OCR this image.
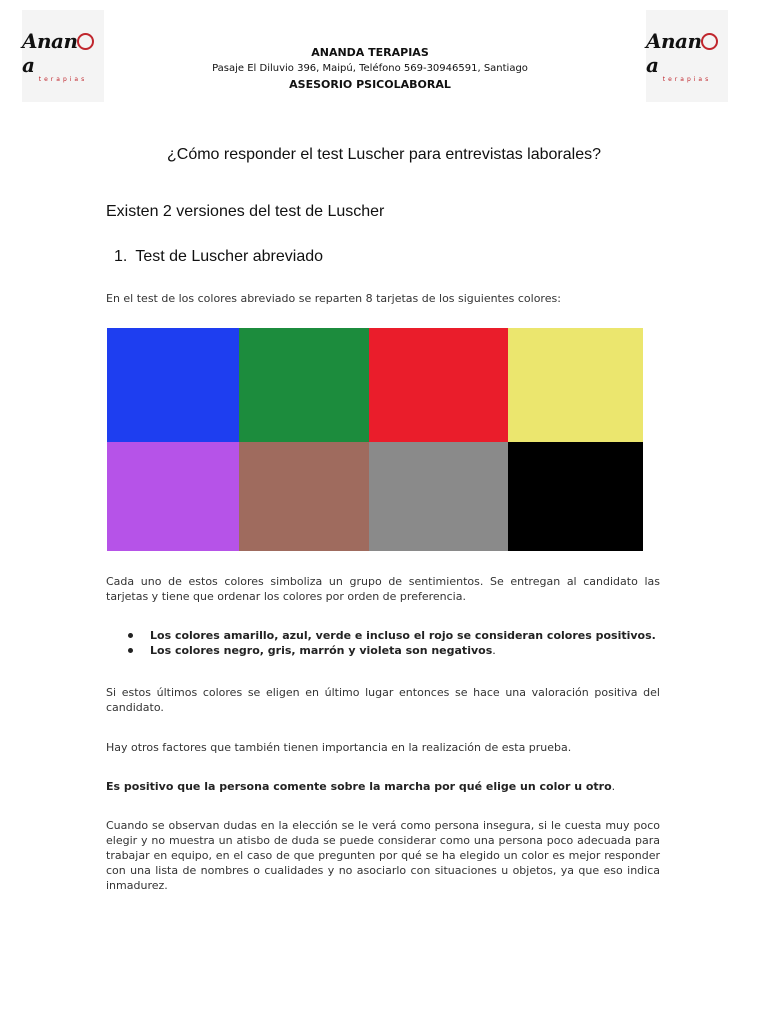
Anana
terapias
Anana
terapias
ANANDA TERAPIAS
Pasaje El Diluvio 396, Maipú, Teléfono 569-30946591, Santiago
ASESORIO PSICOLABORAL
¿Cómo responder el test Luscher para entrevistas laborales?
Existen 2 versiones del test de Luscher
1. Test de Luscher abreviado
En el test de los colores abreviado se reparten 8 tarjetas de los siguientes colores:
Cada uno de estos colores simboliza un grupo de sentimientos. Se entregan al candidato las tarjetas y tiene que ordenar los colores por orden de preferencia.
Los colores amarillo, azul, verde e incluso el rojo se consideran colores positivos.
Los colores negro, gris, marrón y violeta son negativos .
Si estos últimos colores se eligen en último lugar entonces se hace una valoración positiva del candidato.
Hay otros factores que también tienen importancia en la realización de esta prueba.
Es positivo que la persona comente sobre la marcha por qué elige un color u otro.
Cuando se observan dudas en la elección se le verá como persona insegura, si le cuesta muy poco elegir y no muestra un atisbo de duda se puede considerar como una persona poco adecuada para trabajar en equipo, en el caso de que pregunten por qué se ha elegido un color es mejor responder con una lista de nombres o cualidades y no asociarlo con situaciones u objetos, ya que eso indica inmadurez.
